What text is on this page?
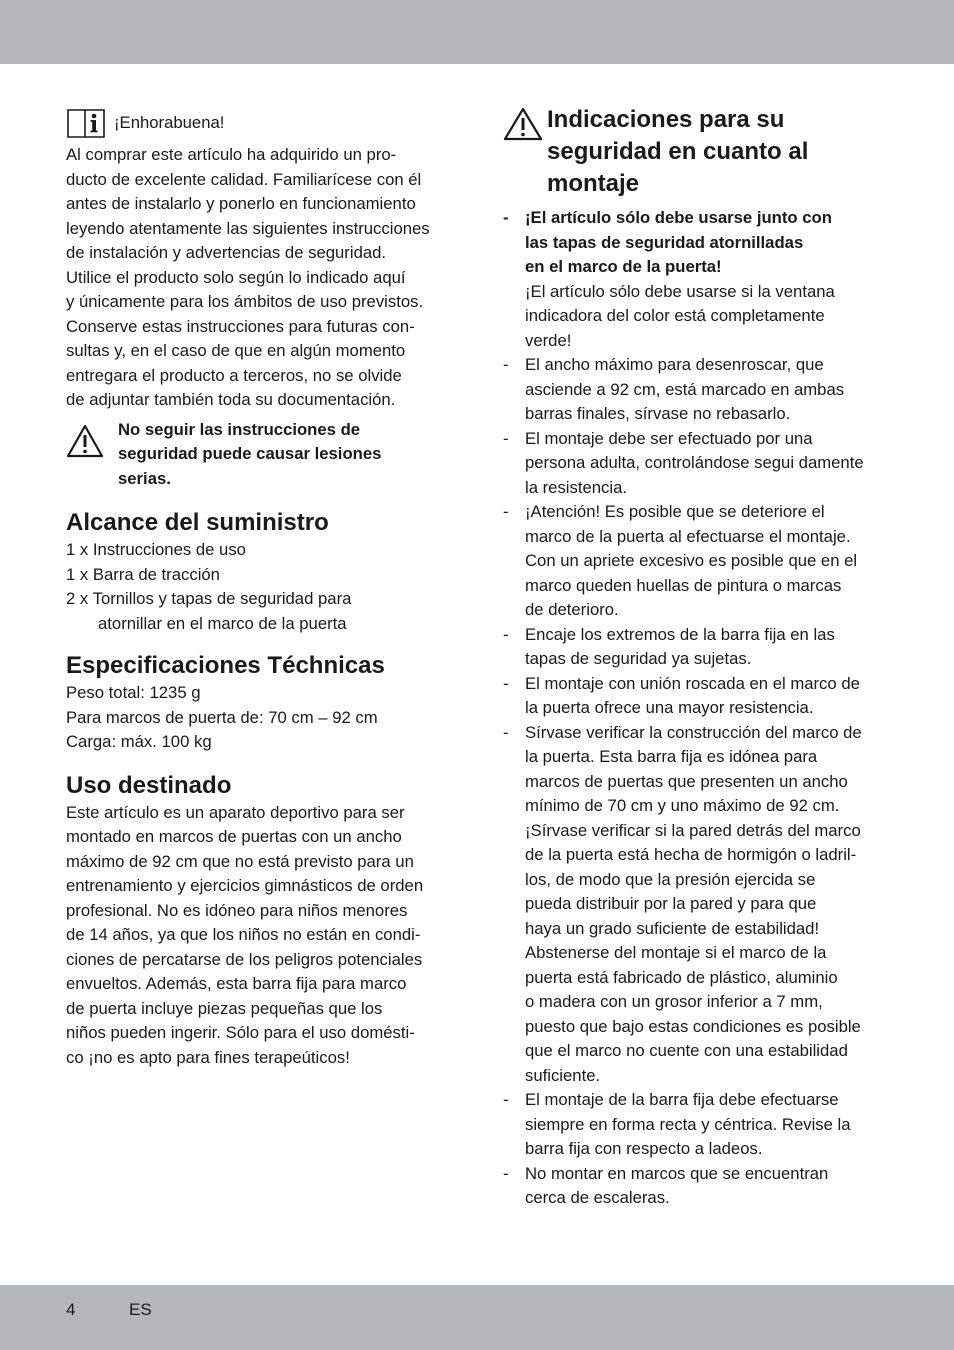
¡Enhorabuena!

Al comprar este artículo ha adquirido un pro-
ducto de excelente calidad. Familiarícese con él
antes de instalarlo y ponerlo en funcionamiento
leyendo atentamente las siguientes instrucciones
de instalación y advertencias de seguridad.
Utilice el producto solo según lo indicado aquí
y únicamente para los ámbitos de uso previstos.
Conserve estas instrucciones para futuras con-
sultas y, en el caso de que en algún momento
entregara el producto a terceros, no se olvide
de adjuntar también toda su documentación.

No seguir las instrucciones de
seguridad puede causar lesiones
serias.

Alcance del suministro

1 x Instrucciones de uso
1 x Barra de tracción
2 x Tornillos y tapas de seguridad para

atornillar en el marco de la puerta

Especificaciones Téchnicas

Peso total: 1235 g
Para marcos de puerta de: 70 cm – 92 cm
Carga: máx. 100 kg

Uso destinado

Este artículo es un aparato deportivo para ser
montado en marcos de puertas con un ancho
máximo de 92 cm que no está previsto para un
entrenamiento y ejercicios gimnásticos de orden
profesional. No es idóneo para niños menores
de 14 años, ya que los niños no están en condi-
ciones de percatarse de los peligros potenciales
envueltos. Además, esta barra fija para marco
de puerta incluye piezas pequeñas que los
niños pueden ingerir. Sólo para el uso domésti-
co ¡no es apto para fines terapeúticos!

Indicaciones para su
seguridad en cuanto al
montaje
- ¡El artículo sólo debe usarse junto con
las tapas de seguridad atornilladas
en el marco de la puerta!
¡El artículo sólo debe usarse si la ventana
indicadora del color está completamente
verde!
- El ancho máximo para desenroscar, que
asciende a 92 cm, está marcado en ambas
barras finales, sírvase no rebasarlo.
- El montaje debe ser efectuado por una
persona adulta, controlándose segui damente
la resistencia.
- ¡Atención! Es posible que se deteriore el
marco de la puerta al efectuarse el montaje.
Con un apriete excesivo es posible que en el
marco queden huellas de pintura o marcas
de deterioro.
- Encaje los extremos de la barra fija en las
tapas de seguridad ya sujetas.
- El montaje con unión roscada en el marco de
la puerta ofrece una mayor resistencia.
- Sírvase verificar la construcción del marco de
la puerta. Esta barra fija es idónea para
marcos de puertas que presenten un ancho
mínimo de 70 cm y uno máximo de 92 cm.
¡Sírvase verificar si la pared detrás del marco
de la puerta está hecha de hormigón o ladril-
los, de modo que la presión ejercida se
pueda distribuir por la pared y para que
haya un grado suficiente de estabilidad!
Abstenerse del montaje si el marco de la
puerta está fabricado de plástico, aluminio
o madera con un grosor inferior a 7 mm,
puesto que bajo estas condiciones es posible
que el marco no cuente con una estabilidad
suficiente.
- El montaje de la barra fija debe efectuarse
siempre en forma recta y céntrica. Revise la
barra fija con respecto a ladeos.
- No montar en marcos que se encuentran
cerca de escaleras.
4	ES
